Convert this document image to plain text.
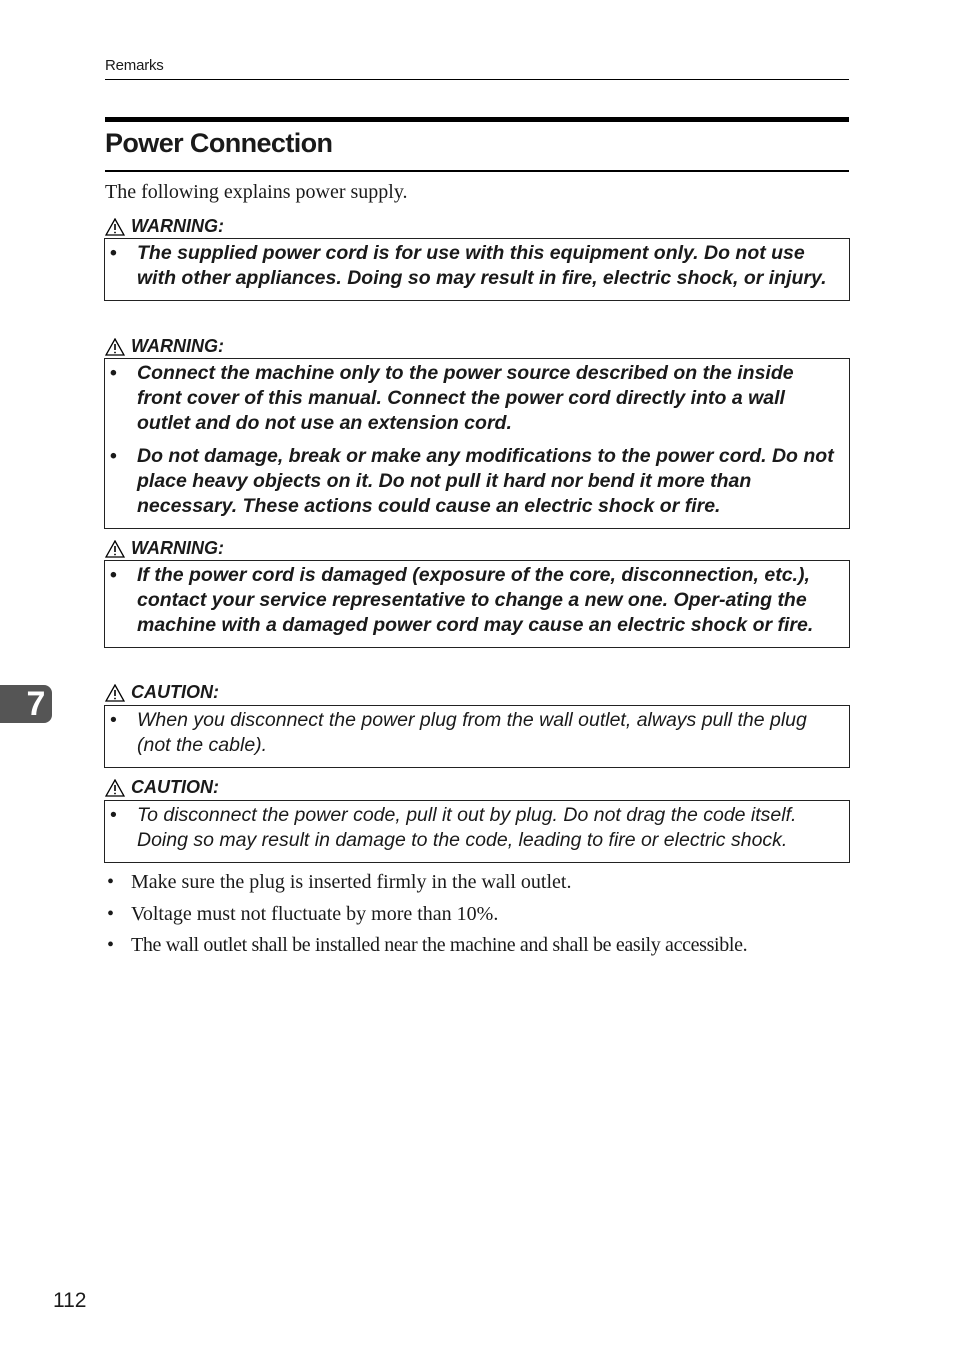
Remarks
Power Connection
The following explains power supply.
WARNING:
• The supplied power cord is for use with this equipment only. Do not use with other appliances. Doing so may result in fire, electric shock, or injury.
WARNING:
• Connect the machine only to the power source described on the inside front cover of this manual. Connect the power cord directly into a wall outlet and do not use an extension cord.
• Do not damage, break or make any modifications to the power cord. Do not place heavy objects on it. Do not pull it hard nor bend it more than necessary. These actions could cause an electric shock or fire.
WARNING:
• If the power cord is damaged (exposure of the core, disconnection, etc.), contact your service representative to change a new one. Oper-ating the machine with a damaged power cord may cause an electric shock or fire.
CAUTION:
• When you disconnect the power plug from the wall outlet, always pull the plug (not the cable).
CAUTION:
• To disconnect the power code, pull it out by plug. Do not drag the code itself. Doing so may result in damage to the code, leading to fire or electric shock.
• Make sure the plug is inserted firmly in the wall outlet.
• Voltage must not fluctuate by more than 10%.
• The wall outlet shall be installed near the machine and shall be easily accessible.
7
112
